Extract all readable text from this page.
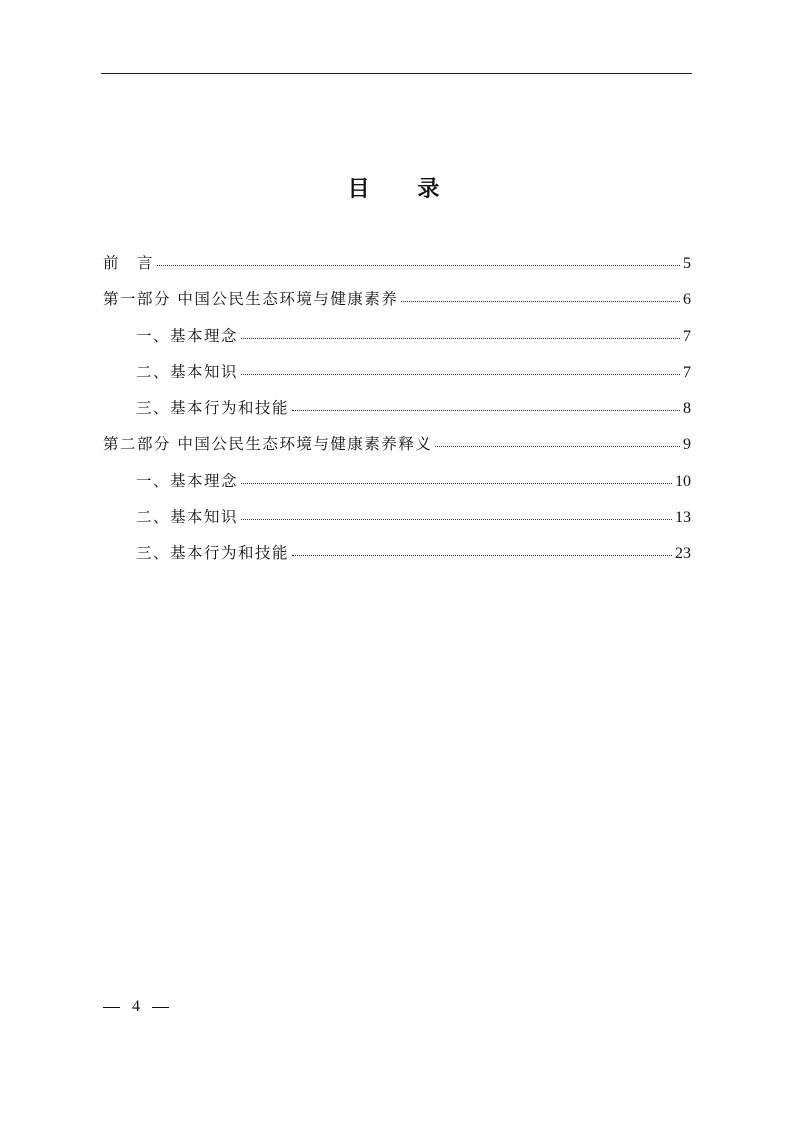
目 录
前　言	5
第一部分 中国公民生态环境与健康素养	6
一、基本理念	7
二、基本知识	7
三、基本行为和技能	8
第二部分 中国公民生态环境与健康素养释义	9
一、基本理念	10
二、基本知识	13
三、基本行为和技能	23
4
